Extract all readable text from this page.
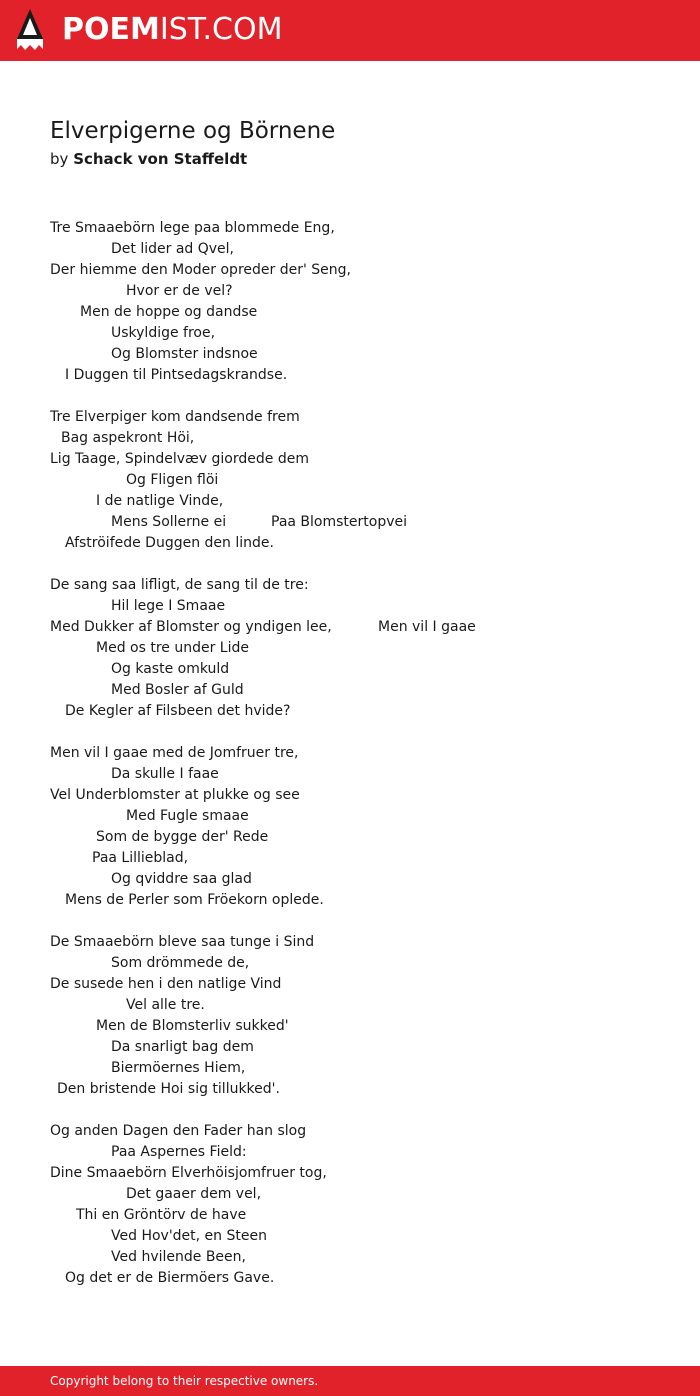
POEMIST.COM
Elverpigerne og Börnene
by Schack von Staffeldt
Tre Smaaebörn lege paa blommede Eng,
Det lider ad Qvel,
Der hiemme den Moder opreder der' Seng,
Hvor er de vel?
Men de hoppe og dandse
Uskyldige froe,
Og Blomster indsnoe
I Duggen til Pintsedagskrandse.
Tre Elverpiger kom dandsende frem
Bag aspekront Höi,
Lig Taage, Spindelvæv giordede dem
Og Fligen flöi
I de natlige Vinde,
Mens Sollerne ei	Paa Blomstertopvei
Afströifede Duggen den linde.
De sang saa lifligt, de sang til de tre:
Hil lege I Smaae
Med Dukker af Blomster og yndigen lee,	Men vil I gaae
Med os tre under Lide
Og kaste omkuld
Med Bosler af Guld
De Kegler af Filsbeen det hvide?
Men vil I gaae med de Jomfruer tre,
Da skulle I faae
Vel Underblomster at plukke og see
Med Fugle smaae
Som de bygge der' Rede
Paa Lillieblad,
Og qviddre saa glad
Mens de Perler som Fröekorn oplede.
De Smaaebörn bleve saa tunge i Sind
Som drömmede de,
De susede hen i den natlige Vind
Vel alle tre.
Men de Blomsterliv sukked'
Da snarligt bag dem
Biermöernes Hiem,
Den bristende Hoi sig tillukked'.
Og anden Dagen den Fader han slog
Paa Aspernes Field:
Dine Smaaebörn Elverhöisjomfruer tog,
Det gaaer dem vel,
Thi en Gröntörv de have
Ved Hov'det, en Steen
Ved hvilende Been,
Og det er de Biermöers Gave.
Copyright belong to their respective owners.
